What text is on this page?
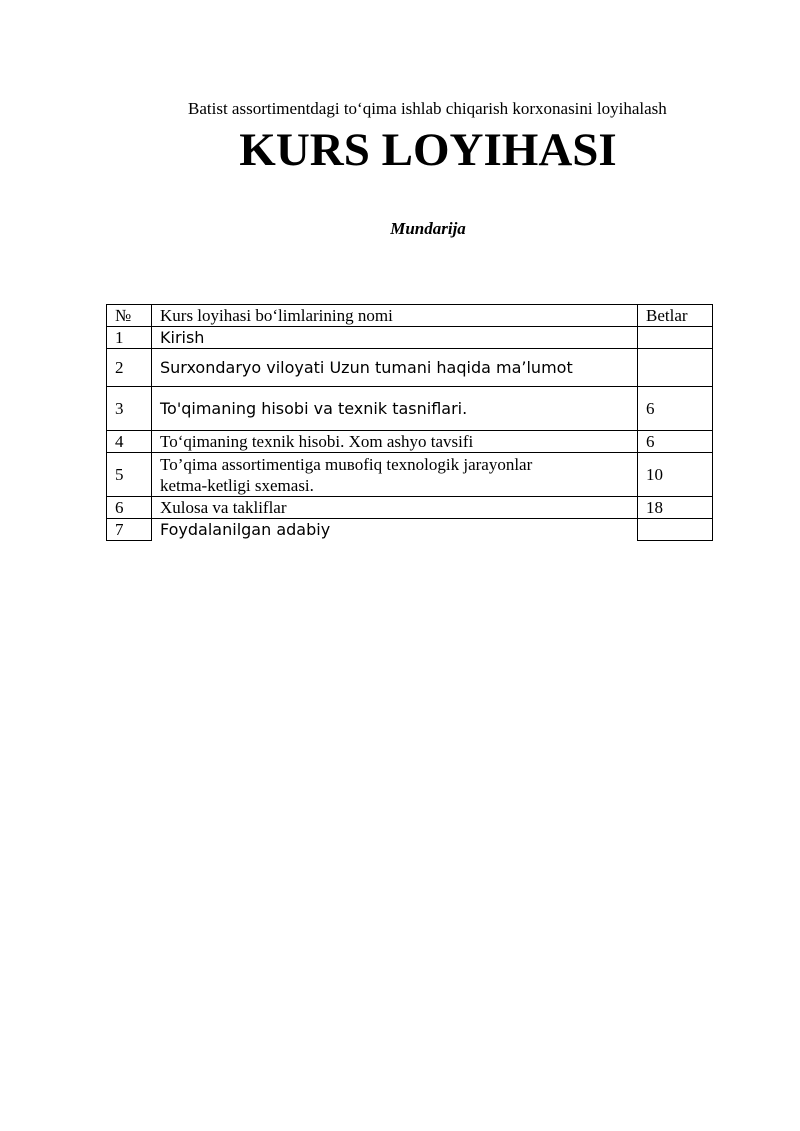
Batist assortimentdagi to‘qima ishlab chiqarish korxonasini loyihalash
KURS LOYIHASI
Mundarija
№	Kurs loyihasi bo‘limlarining nomi	Betlar
1	Kirish	
2	Surxondaryo viloyati Uzun tumani haqida ma’lumot	
3	To'qimaning hisobi va texnik tasniflari.	6
4	To‘qimaning texnik hisobi. Xom ashyo tavsifi	6
5	To’qima assortimentiga muвofiq texnologik jarayonlar
ketma-ketligi sxemasi.	10
6	Xulosa va takliflar	18
7	Foydalanilgan adabiy	
